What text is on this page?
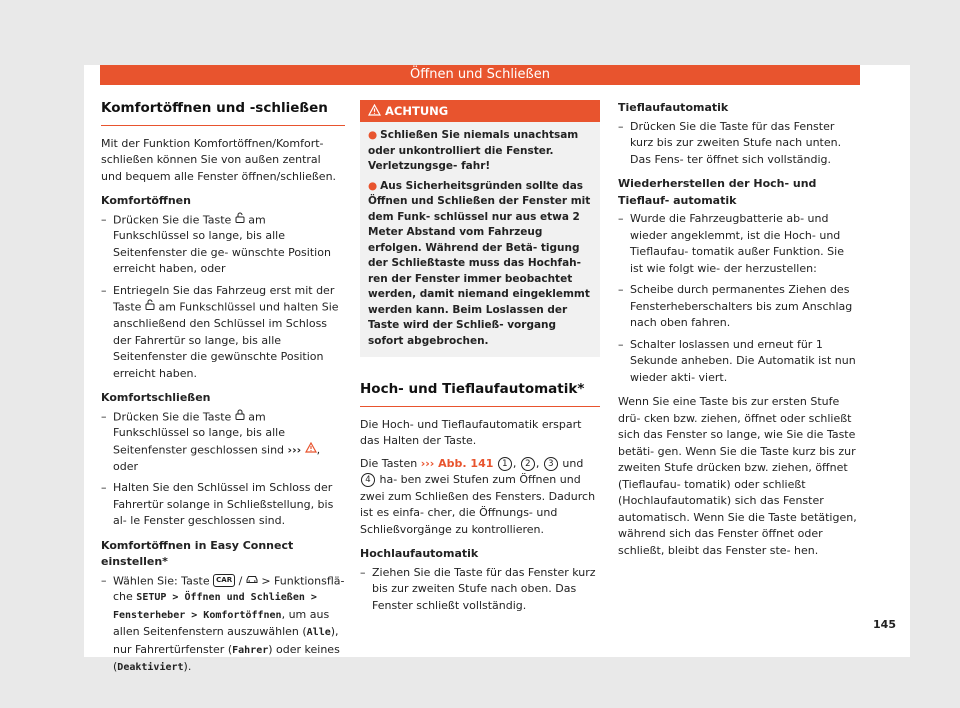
Öffnen und Schließen
Komfortöffnen und -schließen

Mit der Funktion Komfortöffnen/Komfort- schließen können Sie von außen zentral und bequem alle Fenster öffnen/schließen.

Komfortöffnen
– Drücken Sie die Taste am Funkschlüssel so lange, bis alle Seitenfenster die ge- wünschte Position erreicht haben, oder
– Entriegeln Sie das Fahrzeug erst mit der Taste am Funkschlüssel und halten Sie anschließend den Schlüssel im Schloss der Fahrertür so lange, bis alle Seitenfenster die gewünschte Position erreicht haben.
Komfortschließen
– Drücken Sie die Taste am Funkschlüssel so lange, bis alle Seitenfenster geschlossen sind ››› , oder
– Halten Sie den Schlüssel im Schloss der Fahrertür solange in Schließstellung, bis al- le Fenster geschlossen sind.
Komfortöffnen in Easy Connect einstellen*
– Wählen Sie: Taste CAR / > Funktionsflä- che SETUP > Öffnen und Schließen > Fensterheber > Komfortöffnen, um aus allen Seitenfenstern auszuwählen (Alle), nur Fahrertürfenster (Fahrer) oder keines (Deaktiviert).
ACHTUNG
● Schließen Sie niemals unachtsam oder unkontrolliert die Fenster. Verletzungsge- fahr!
● Aus Sicherheitsgründen sollte das Öffnen und Schließen der Fenster mit dem Funk- schlüssel nur aus etwa 2 Meter Abstand vom Fahrzeug erfolgen. Während der Betä- tigung der Schließtaste muss das Hochfah- ren der Fenster immer beobachtet werden, damit niemand eingeklemmt werden kann. Beim Loslassen der Taste wird der Schließ- vorgang sofort abgebrochen.
Hoch- und Tieflaufautomatik*

Die Hoch- und Tieflaufautomatik erspart das Halten der Taste.

Die Tasten ››› Abb. 141 1 , 2 , 3 und 4 ha- ben zwei Stufen zum Öffnen und zwei zum Schließen des Fensters. Dadurch ist es einfa- cher, die Öffnungs- und Schließvorgänge zu kontrollieren.

Hochlaufautomatik
– Ziehen Sie die Taste für das Fenster kurz bis zur zweiten Stufe nach oben. Das Fenster schließt vollständig.
Tieflaufautomatik
– Drücken Sie die Taste für das Fenster kurz bis zur zweiten Stufe nach unten. Das Fens- ter öffnet sich vollständig.
Wiederherstellen der Hoch- und Tieflauf- automatik
– Wurde die Fahrzeugbatterie ab- und wieder angeklemmt, ist die Hoch- und Tieflaufau- tomatik außer Funktion. Sie ist wie folgt wie- der herzustellen:
– Scheibe durch permanentes Ziehen des Fensterheberschalters bis zum Anschlag nach oben fahren.
– Schalter loslassen und erneut für 1 Sekunde anheben. Die Automatik ist nun wieder akti- viert.

Wenn Sie eine Taste bis zur ersten Stufe drü- cken bzw. ziehen, öffnet oder schließt sich das Fenster so lange, wie Sie die Taste betäti- gen. Wenn Sie die Taste kurz bis zur zweiten Stufe drücken bzw. ziehen, öffnet (Tieflaufau- tomatik) oder schließt (Hochlaufautomatik) sich das Fenster automatisch. Wenn Sie die Taste betätigen, während sich das Fenster öffnet oder schließt, bleibt das Fenster ste- hen.

145
